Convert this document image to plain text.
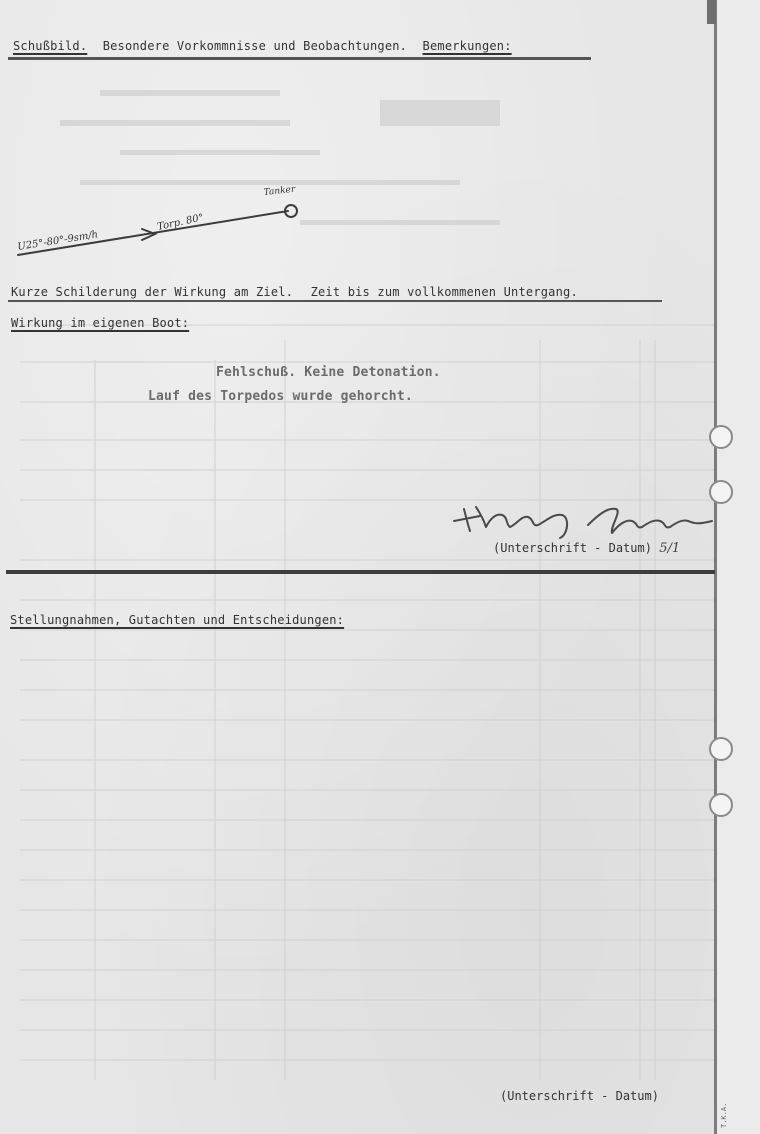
Schußbild. Besondere Vorkommnisse und Beobachtungen. Bemerkungen:
U25°-80°-9sm/h
Torp. 80°
Tanker
Kurze Schilderung der Wirkung am Ziel. Zeit bis zum vollkommenen Untergang.
Wirkung im eigenen Boot:
Fehlschuß. Keine Detonation.
Lauf des Torpedos wurde gehorcht.
(Unterschrift - Datum) 5/1
Stellungnahmen, Gutachten und Entscheidungen:
(Unterschrift - Datum)
T.K.A.
